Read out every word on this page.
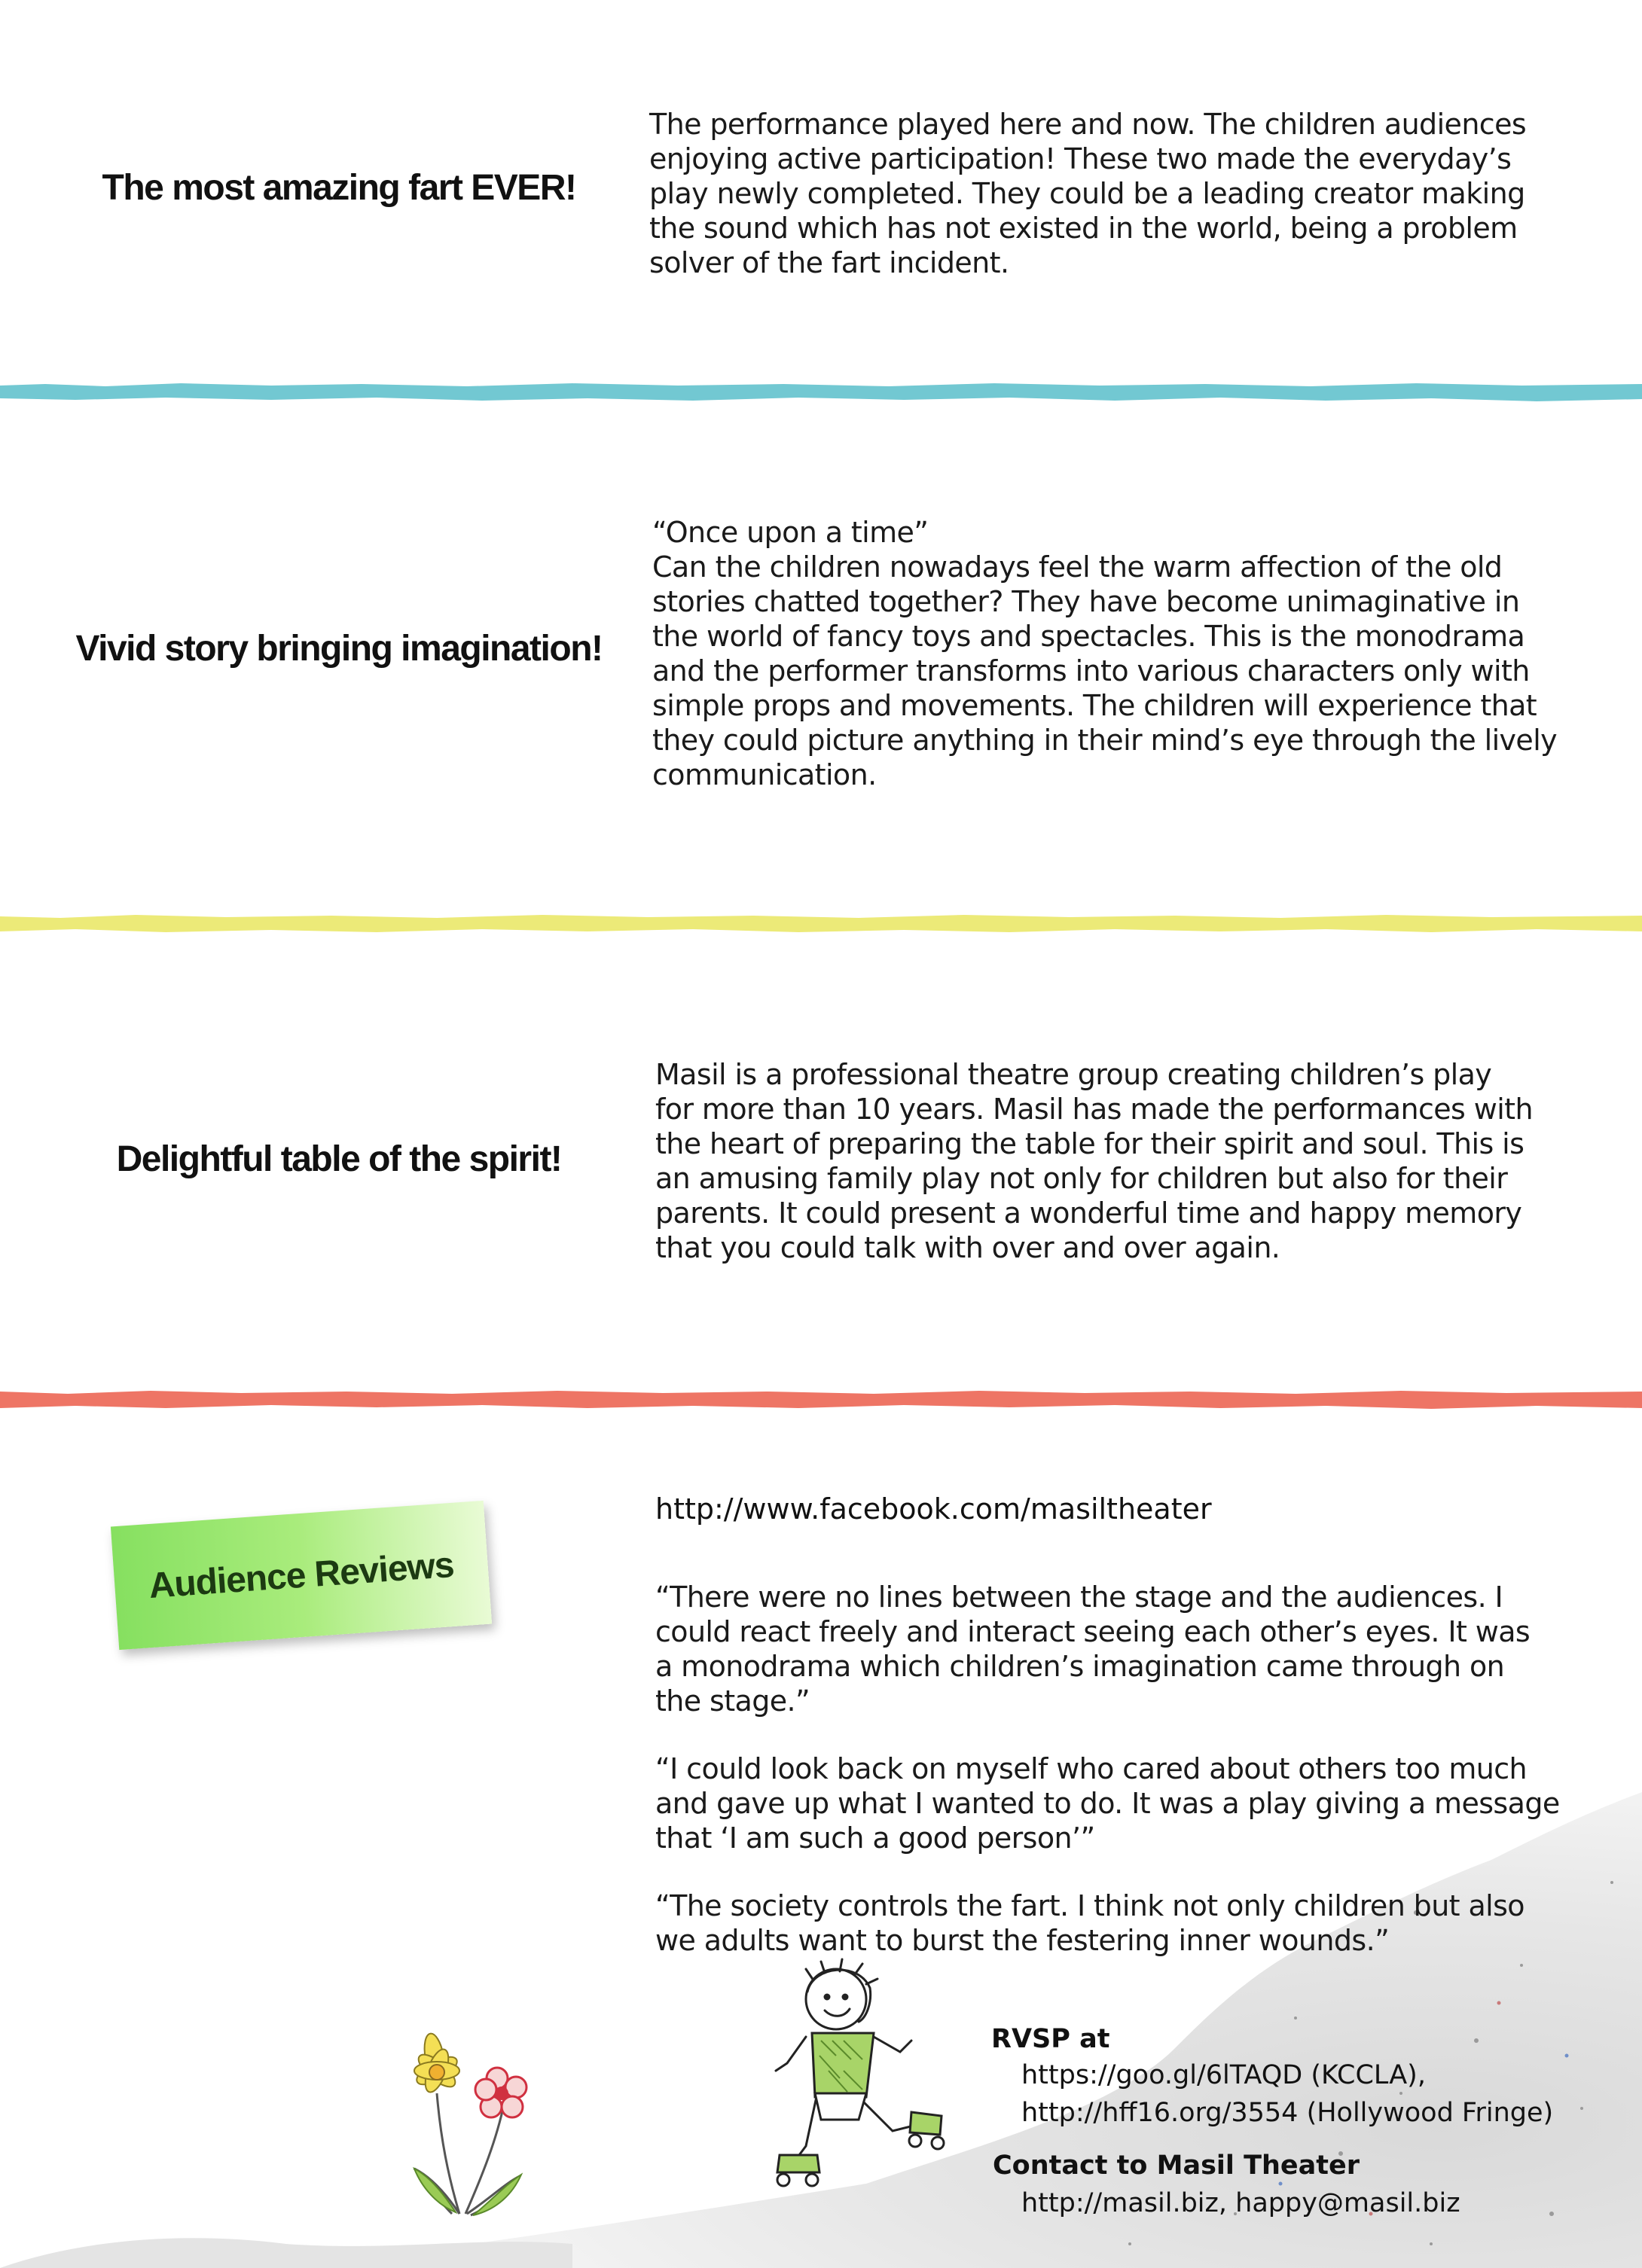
The most amazing fart EVER!
The performance played here and now. The children audiences
enjoying active participation! These two made the everyday’s
play newly completed. They could be a leading creator making
the sound which has not existed in the world, being a problem
solver of the fart incident.
Vivid story bringing imagination!
“Once upon a time”
Can the children nowadays feel the warm affection of the old
stories chatted together? They have become unimaginative in
the world of fancy toys and spectacles. This is the monodrama
and the performer transforms into various characters only with
simple props and movements. The children will experience that
they could picture anything in their mind’s eye through the lively
communication.
Delightful table of the spirit!
Masil is a professional theatre group creating children’s play
for more than 10 years. Masil has made the performances with
the heart of preparing the table for their spirit and soul. This is
an amusing family play not only for children but also for their
parents. It could present a wonderful time and happy memory
that you could talk with over and over again.
Audience Reviews
http://www.facebook.com/masiltheater
“There were no lines between the stage and the audiences. I
could react freely and interact seeing each other’s eyes. It was
a monodrama which children’s imagination came through on
the stage.”
“I could look back on myself who cared about others too much
and gave up what I wanted to do. It was a play giving a message
that ‘I am such a good person’”
“The society controls the fart. I think not only children but also
we adults want to burst the festering inner wounds.”
RVSP at
https://goo.gl/6lTAQD (KCCLA),
http://hff16.org/3554 (Hollywood Fringe)
Contact to Masil Theater
http://masil.biz, happy@masil.biz
